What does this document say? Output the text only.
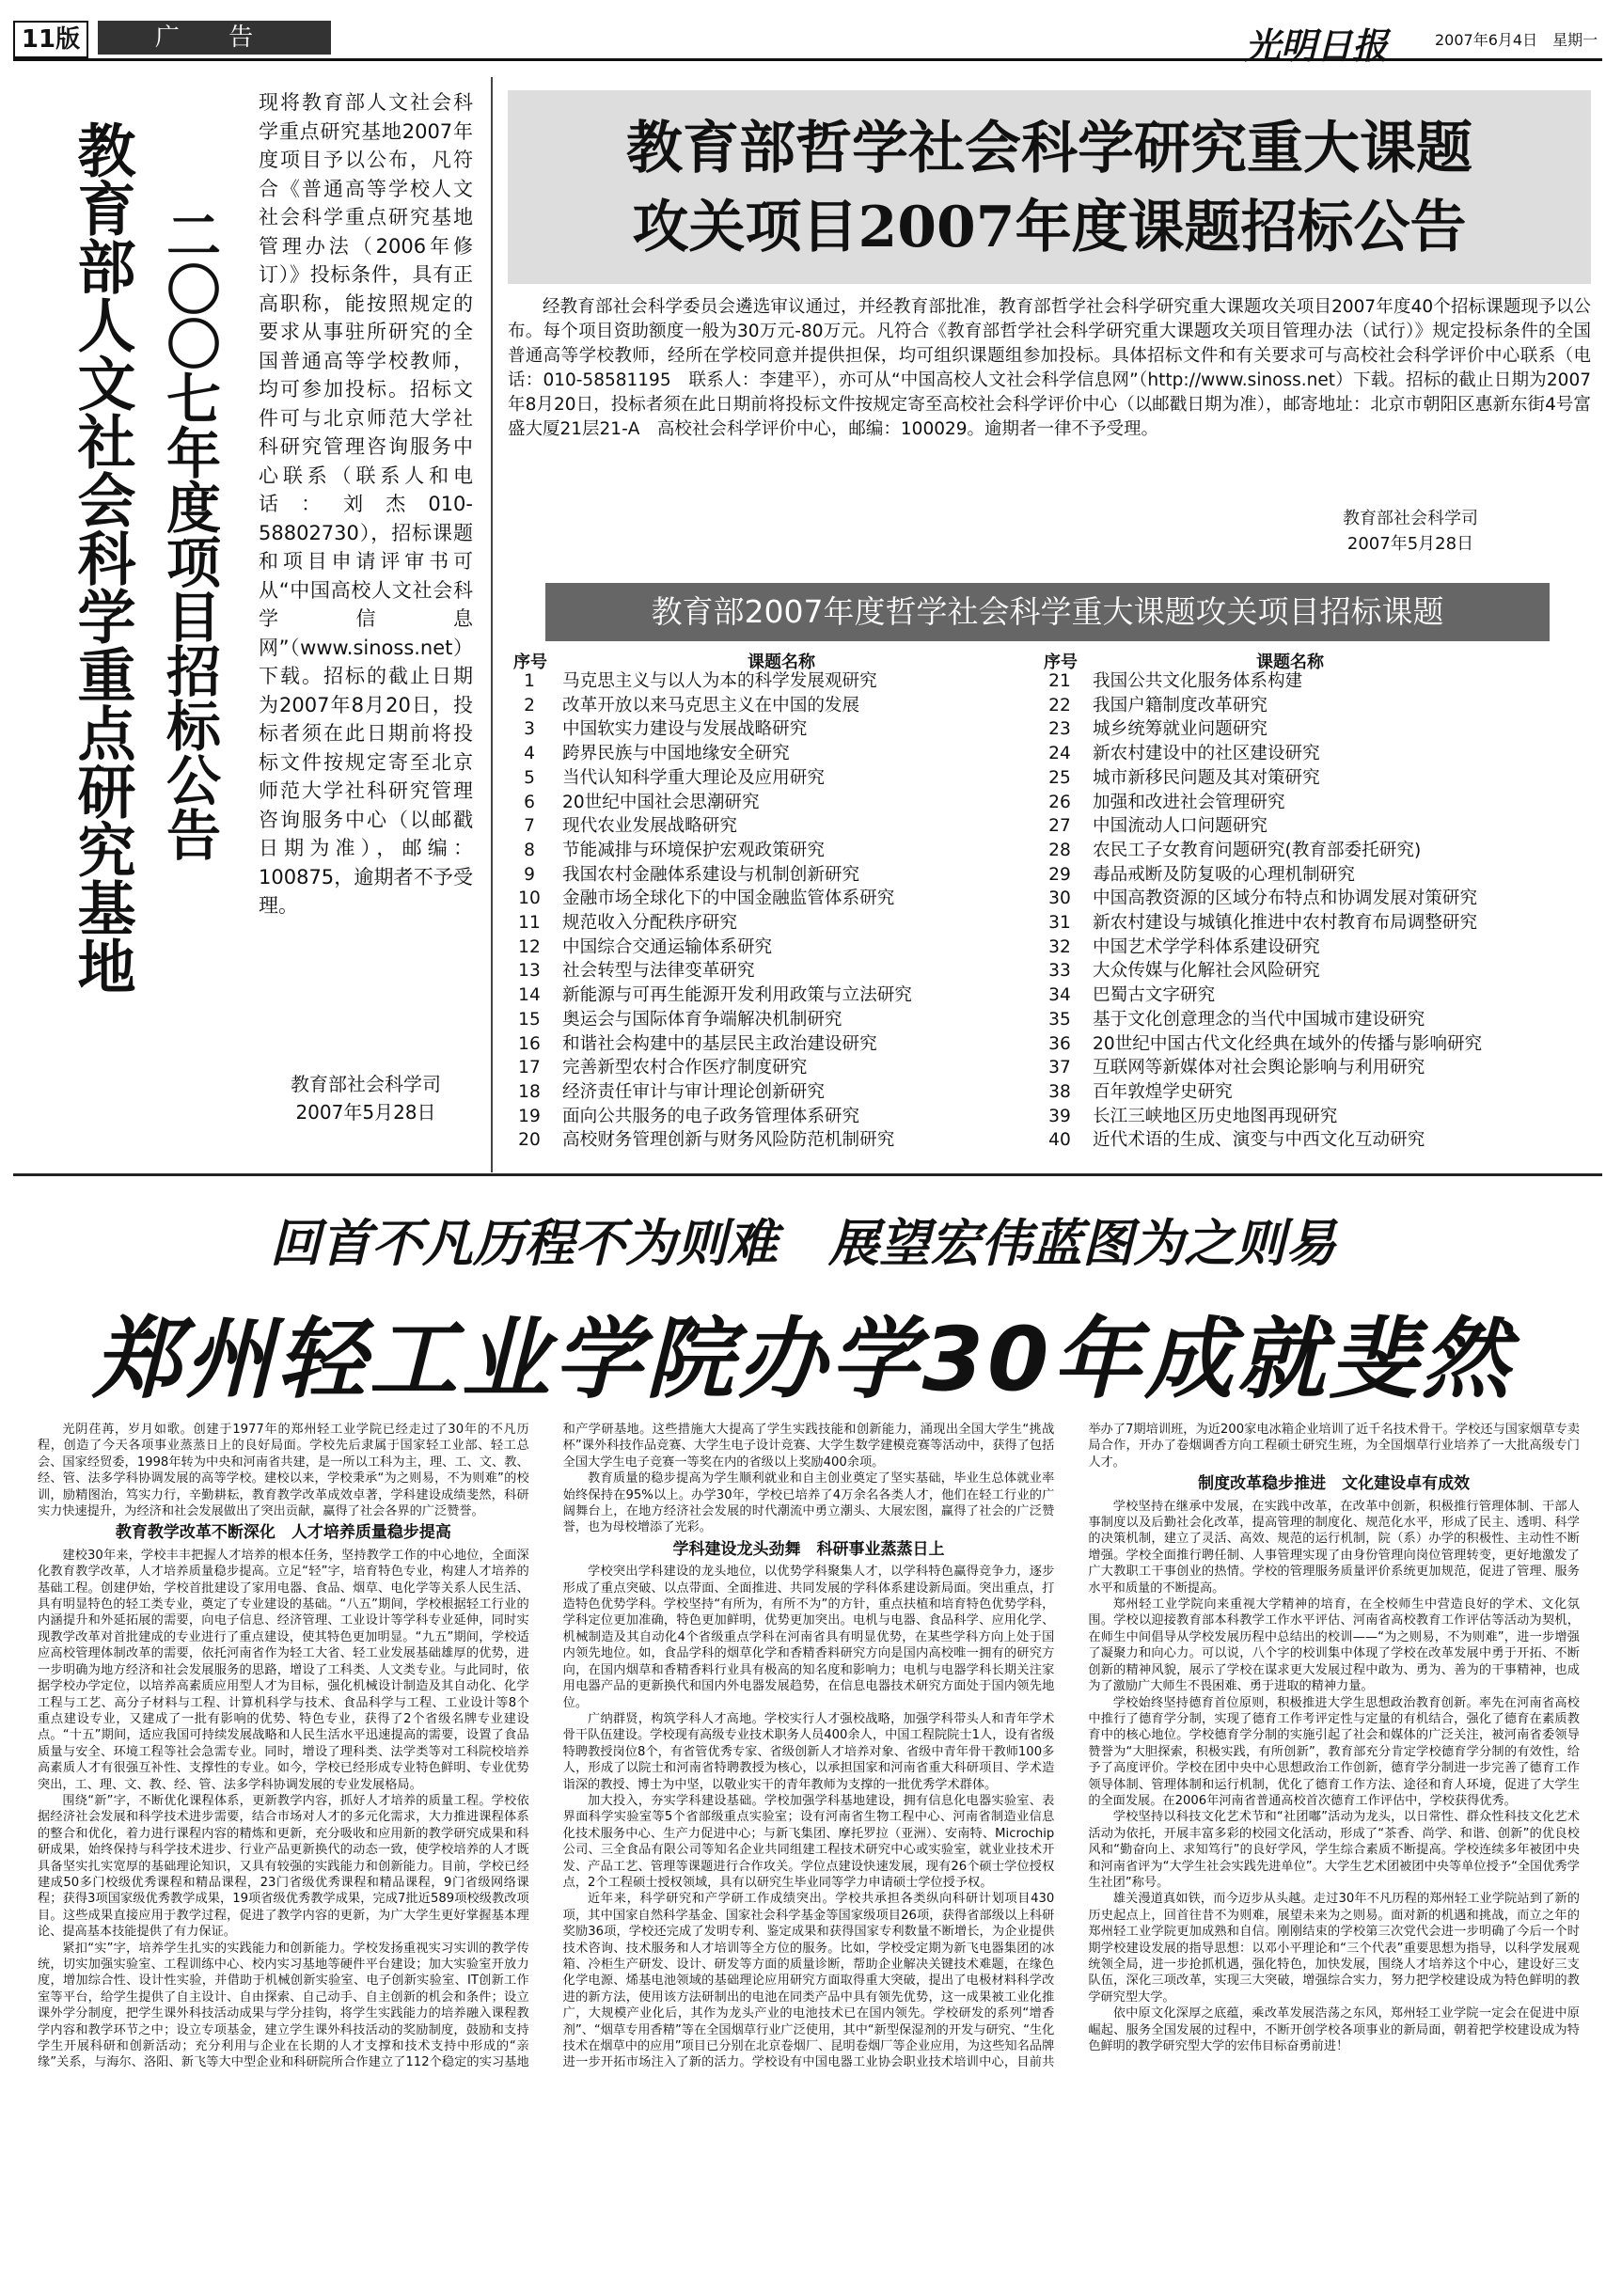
11版	广 告	光明日报	2007年6月4日　星期一
教育部人文社会科学重点研究基地 二〇〇七年度项目招标公告
现将教育部人文社会科学重点研究基地2007年度项目予以公布，凡符合《普通高等学校人文社会科学重点研究基地管理办法（2006年修订）》投标条件，具有正高职称，能按照规定的要求从事驻所研究的全国普通高等学校教师，均可参加投标。招标文件可与北京师范大学社科研究管理咨询服务中心联系（联系人和电话：刘杰010-58802730），招标课题和项目申请评审书可从“中国高校人文社会科学信息网”（www.sinoss.net）下载。招标的截止日期为2007年8月20日，投标者须在此日期前将投标文件按规定寄至北京师范大学社科研究管理咨询服务中心（以邮戳日期为准），邮编：100875，逾期者不予受理。
教育部社会科学司
2007年5月28日
教育部哲学社会科学研究重大课题
攻关项目2007年度课题招标公告
经教育部社会科学委员会遴选审议通过，并经教育部批准，教育部哲学社会科学研究重大课题攻关项目2007年度40个招标课题现予以公布。每个项目资助额度一般为30万元-80万元。凡符合《教育部哲学社会科学研究重大课题攻关项目管理办法（试行）》规定投标条件的全国普通高等学校教师，经所在学校同意并提供担保，均可组织课题组参加投标。具体招标文件和有关要求可与高校社会科学评价中心联系（电话：010-58581195　联系人：李建平），亦可从“中国高校人文社会科学信息网”（http://www.sinoss.net）下载。招标的截止日期为2007年8月20日，投标者须在此日期前将投标文件按规定寄至高校社会科学评价中心（以邮戳日期为准），邮寄地址：北京市朝阳区惠新东街4号富盛大厦21层21-A　高校社会科学评价中心，邮编：100029。逾期者一律不予受理。
教育部社会科学司
2007年5月28日
教育部2007年度哲学社会科学重大课题攻关项目招标课题
序号	课题名称	序号	课题名称
1 马克思主义与以人为本的科学发展观研究
2 改革开放以来马克思主义在中国的发展
3 中国软实力建设与发展战略研究
4 跨界民族与中国地缘安全研究
5 当代认知科学重大理论及应用研究
6 20世纪中国社会思潮研究
7 现代农业发展战略研究
8 节能减排与环境保护宏观政策研究
9 我国农村金融体系建设与机制创新研究
10 金融市场全球化下的中国金融监管体系研究
11 规范收入分配秩序研究
12 中国综合交通运输体系研究
13 社会转型与法律变革研究
14 新能源与可再生能源开发利用政策与立法研究
15 奥运会与国际体育争端解决机制研究
16 和谐社会构建中的基层民主政治建设研究
17 完善新型农村合作医疗制度研究
18 经济责任审计与审计理论创新研究
19 面向公共服务的电子政务管理体系研究
20 高校财务管理创新与财务风险防范机制研究
21 我国公共文化服务体系构建
22 我国户籍制度改革研究
23 城乡统筹就业问题研究
24 新农村建设中的社区建设研究
25 城市新移民问题及其对策研究
26 加强和改进社会管理研究
27 中国流动人口问题研究
28 农民工子女教育问题研究(教育部委托研究)
29 毒品戒断及防复吸的心理机制研究
30 中国高教资源的区域分布特点和协调发展对策研究
31 新农村建设与城镇化推进中农村教育布局调整研究
32 中国艺术学学科体系建设研究
33 大众传媒与化解社会风险研究
34 巴蜀古文字研究
35 基于文化创意理念的当代中国城市建设研究
36 20世纪中国古代文化经典在域外的传播与影响研究
37 互联网等新媒体对社会舆论影响与利用研究
38 百年敦煌学史研究
39 长江三峡地区历史地图再现研究
40 近代术语的生成、演变与中西文化互动研究
回首不凡历程不为则难　展望宏伟蓝图为之则易
郑州轻工业学院办学30年成就斐然

光阴荏苒，岁月如歌。创建于1977年的郑州轻工业学院已经走过了30年的不凡历程，创造了今天各项事业蒸蒸日上的良好局面。学校先后隶属于国家轻工业部、轻工总会、国家经贸委，1998年转为中央和河南省共建，是一所以工科为主，理、工、文、教、经、管、法多学科协调发展的高等学校。建校以来，学校秉承“为之则易，不为则难”的校训，励精图治，笃实力行，辛勤耕耘，教育教学改革成效卓著，学科建设成绩斐然，科研实力快速提升，为经济和社会发展做出了突出贡献，赢得了社会各界的广泛赞誉。

教育教学改革不断深化　人才培养质量稳步提高

建校30年来，学校丰丰把握人才培养的根本任务，坚持教学工作的中心地位，全面深化教育教学改革，人才培养质量稳步提高。立足“轻”字，培育特色专业，构建人才培养的基础工程。创建伊始，学校首批建设了家用电器、食品、烟草、电化学等关系人民生活、具有明显特色的轻工类专业，奠定了专业建设的基础。“八五”期间，学校根据轻工行业的内涵提升和外延拓展的需要，向电子信息、经济管理、工业设计等学科专业延伸，同时实现教学改革对首批建成的专业进行了重点建设，使其特色更加明显。“九五”期间，学校适应高校管理体制改革的需要，依托河南省作为轻工大省、轻工业发展基础雄厚的优势，进一步明确为地方经济和社会发展服务的思路，增设了工科类、人文类专业。与此同时，依据学校办学定位，以培养高素质应用型人才为目标，强化机械设计制造及其自动化、化学工程与工艺、高分子材料与工程、计算机科学与技术、食品科学与工程、工业设计等8个重点建设专业，又建成了一批有影响的优势、特色专业，获得了2个省级名牌专业建设点。“十五”期间，适应我国可持续发展战略和人民生活水平迅速提高的需要，设置了食品质量与安全、环境工程等社会急需专业。同时，增设了理科类、法学类等对工科院校培养高素质人才有很强互补性、支撑性的专业。如今，学校已经形成专业特色鲜明、专业优势突出，工、理、文、教、经、管、法多学科协调发展的专业发展格局。

围绕“新”字，不断优化课程体系，更新教学内容，抓好人才培养的质量工程。学校依据经济社会发展和科学技术进步需要，结合市场对人才的多元化需求，大力推进课程体系的整合和优化，着力进行课程内容的精炼和更新，充分吸收和应用新的教学研究成果和科研成果，始终保持与科学技术进步、行业产品更新换代的动态一致，使学校培养的人才既具备坚实扎实宽厚的基础理论知识，又具有较强的实践能力和创新能力。目前，学校已经建成50多门校级优秀课程和精品课程，23门省级优秀课程和精品课程，9门省级网络课程；获得3项国家级优秀教学成果，19项省级优秀教学成果，完成7批近589项校级教改项目。这些成果直接应用于教学过程，促进了教学内容的更新，为广大学生更好掌握基本理论、提高基本技能提供了有力保证。

紧扣“实”字，培养学生扎实的实践能力和创新能力。学校发扬重视实习实训的教学传统，切实加强实验室、工程训练中心、校内实习基地等硬件平台建设；加大实验室开放力度，增加综合性、设计性实验，并借助于机械创新实验室、电子创新实验室、IT创新工作室等平台，给学生提供了自主设计、自由探索、自己动手、自主创新的机会和条件；设立课外学分制度，把学生课外科技活动成果与学分挂钩，将学生实践能力的培养融入课程教学内容和教学环节之中；设立专项基金，建立学生课外科技活动的奖励制度，鼓励和支持学生开展科研和创新活动；充分利用与企业在长期的人才支撑和技术支持中形成的“亲缘”关系，与海尔、洛阳、新飞等大中型企业和科研院所合作建立了112个稳定的实习基地和产学研基地。这些措施大大提高了学生实践技能和创新能力，涌现出全国大学生“挑战杯”课外科技作品竞赛、大学生电子设计竞赛、大学生数学建模竞赛等活动中，获得了包括全国大学生电子竞赛一等奖在内的省级以上奖励400余项。

教育质量的稳步提高为学生顺利就业和自主创业奠定了坚实基础，毕业生总体就业率始终保持在95%以上。办学30年，学校已培养了4万余名各类人才，他们在轻工行业的广阔舞台上，在地方经济社会发展的时代潮流中勇立潮头、大展宏图，赢得了社会的广泛赞誉，也为母校增添了光彩。

学科建设龙头劲舞　科研事业蒸蒸日上

学校突出学科建设的龙头地位，以优势学科聚集人才，以学科特色赢得竞争力，逐步形成了重点突破、以点带面、全面推进、共同发展的学科体系建设新局面。突出重点，打造特色优势学科。学校坚持“有所为，有所不为”的方针，重点扶植和培育特色优势学科，学科定位更加准确，特色更加鲜明，优势更加突出。电机与电器、食品科学、应用化学、机械制造及其自动化4个省级重点学科在河南省具有明显优势，在某些学科方向上处于国内领先地位。如，食品学科的烟草化学和香精香料研究方向是国内高校唯一拥有的研究方向，在国内烟草和香精香料行业具有极高的知名度和影响力；电机与电器学科长期关注家用电器产品的更新换代和国内外电器发展趋势，在信息电器技术研究方面处于国内领先地位。

广纳群贤，构筑学科人才高地。学校实行人才强校战略，加强学科带头人和青年学术骨干队伍建设。学校现有高级专业技术职务人员400余人，中国工程院院士1人，设有省级特聘教授岗位8个，有省管优秀专家、省级创新人才培养对象、省级中青年骨干教师100多人，形成了以院士和河南省特聘教授为核心，以承担国家和河南省重大科研项目、学术造诣深的教授、博士为中坚，以敬业实干的青年教师为支撑的一批优秀学术群体。

加大投入，夯实学科建设基础。学校加强学科基地建设，拥有信息化电器实验室、表界面科学实验室等5个省部级重点实验室；设有河南省生物工程中心、河南省制造业信息化技术服务中心、生产力促进中心；与新飞集团、摩托罗拉（亚洲）、安南特、Microchip公司、三全食品有限公司等知名企业共同组建工程技术研究中心或实验室，就业业技术开发、产品工艺、管理等课题进行合作攻关。学位点建设快速发展，现有26个硕士学位授权点，2个工程硕士授权领域，具有以研究生毕业同等学力申请硕士学位授予权。

近年来，科学研究和产学研工作成绩突出。学校共承担各类纵向科研计划项目430项，其中国家自然科学基金、国家社会科学基金等国家级项目26项，获得省部级以上科研奖励36项，学校还完成了发明专利、鉴定成果和获得国家专利数量不断增长，为企业提供技术咨询、技术服务和人才培训等全方位的服务。比如，学校受定期为新飞电器集团的冰箱、冷柜生产研发、设计、研发等方面的质量诊断，帮助企业解决关键技术难题，在缘色化学电源、烯基电池领域的基础理论应用研究方面取得重大突破，提出了电极材料科学改进的新方法，使用该方法研制出的电池在同类产品中具有领先优势，这一成果被工业化推广，大规模产业化后，其作为龙头产业的电池技术已在国内领先。学校研发的系列“增香剂”、“烟草专用香精”等在全国烟草行业广泛使用，其中“新型保湿剂的开发与研究、“生化技术在烟草中的应用”项目已分别在北京卷烟厂、昆明卷烟厂等企业应用，为这些知名品牌进一步开拓市场注入了新的活力。学校设有中国电器工业协会职业技术培训中心，目前共举办了7期培训班，为近200家电冰箱企业培训了近千名技术骨干。学校还与国家烟草专卖局合作，开办了卷烟调香方向工程硕士研究生班，为全国烟草行业培养了一大批高级专门人才。

制度改革稳步推进　文化建设卓有成效

学校坚持在继承中发展，在实践中改革，在改革中创新，积极推行管理体制、干部人事制度以及后勤社会化改革，提高管理的制度化、规范化水平，形成了民主、透明、科学的决策机制，建立了灵活、高效、规范的运行机制，院（系）办学的积极性、主动性不断增强。学校全面推行聘任制、人事管理实现了由身份管理向岗位管理转变，更好地激发了广大教职工干事创业的热情。学校的管理服务质量评价系统更加规范，促进了管理、服务水平和质量的不断提高。

郑州轻工业学院向来重视大学精神的培育，在全校师生中营造良好的学术、文化氛围。学校以迎接教育部本科教学工作水平评估、河南省高校教育工作评估等活动为契机，在师生中间倡导从学校发展历程中总结出的校训——“为之则易，不为则难”，进一步增强了凝聚力和向心力。可以说，八个字的校训集中体现了学校在改革发展中勇于开拓、不断创新的精神风貌，展示了学校在谋求更大发展过程中敢为、勇为、善为的干事精神，也成为了激励广大师生不畏困难、勇于进取的精神力量。

学校始终坚持德育首位原则，积极推进大学生思想政治教育创新。率先在河南省高校中推行了德育学分制，实现了德育工作考评定性与定量的有机结合，强化了德育在素质教育中的核心地位。学校德育学分制的实施引起了社会和媒体的广泛关注，被河南省委领导赞誉为“大胆探索，积极实践，有所创新”，教育部充分肯定学校德育学分制的有效性，给予了高度评价。学校在团中央中心思想政治工作创新，德育学分制进一步完善了德育工作领导体制、管理体制和运行机制，优化了德育工作方法、途径和育人环境，促进了大学生的全面发展。在2006年河南省普通高校首次德育工作评估中，学校获得优秀。

学校坚持以科技文化艺术节和“社团嘟”活动为龙头，以日常性、群众性科技文化艺术活动为依托，开展丰富多彩的校园文化活动，形成了“茶香、尚学、和谐、创新”的优良校风和“勤奋向上、求知笃行”的良好学风，学生综合素质不断提高。学校连续多年被团中央和河南省评为“大学生社会实践先进单位”。大学生艺术团被团中央等单位授予“全国优秀学生社团”称号。

雄关漫道真如铁，而今迈步从头越。走过30年不凡历程的郑州轻工业学院站到了新的历史起点上，回首往昔不为则难，展望未来为之则易。面对新的机遇和挑战，而立之年的郑州轻工业学院更加成熟和自信。刚刚结束的学校第三次党代会进一步明确了今后一个时期学校建设发展的指导思想：以邓小平理论和“三个代表”重要思想为指导，以科学发展观统领全局，进一步抢抓机遇，强化特色，加快发展，围绕人才培养这个中心，建设好三支队伍，深化三项改革，实现三大突破，增强综合实力，努力把学校建设成为特色鲜明的教学研究型大学。

依中原文化深厚之底蕴，乘改革发展浩荡之东风，郑州轻工业学院一定会在促进中原崛起、服务全国发展的过程中，不断开创学校各项事业的新局面，朝着把学校建设成为特色鲜明的教学研究型大学的宏伟目标奋勇前进！
